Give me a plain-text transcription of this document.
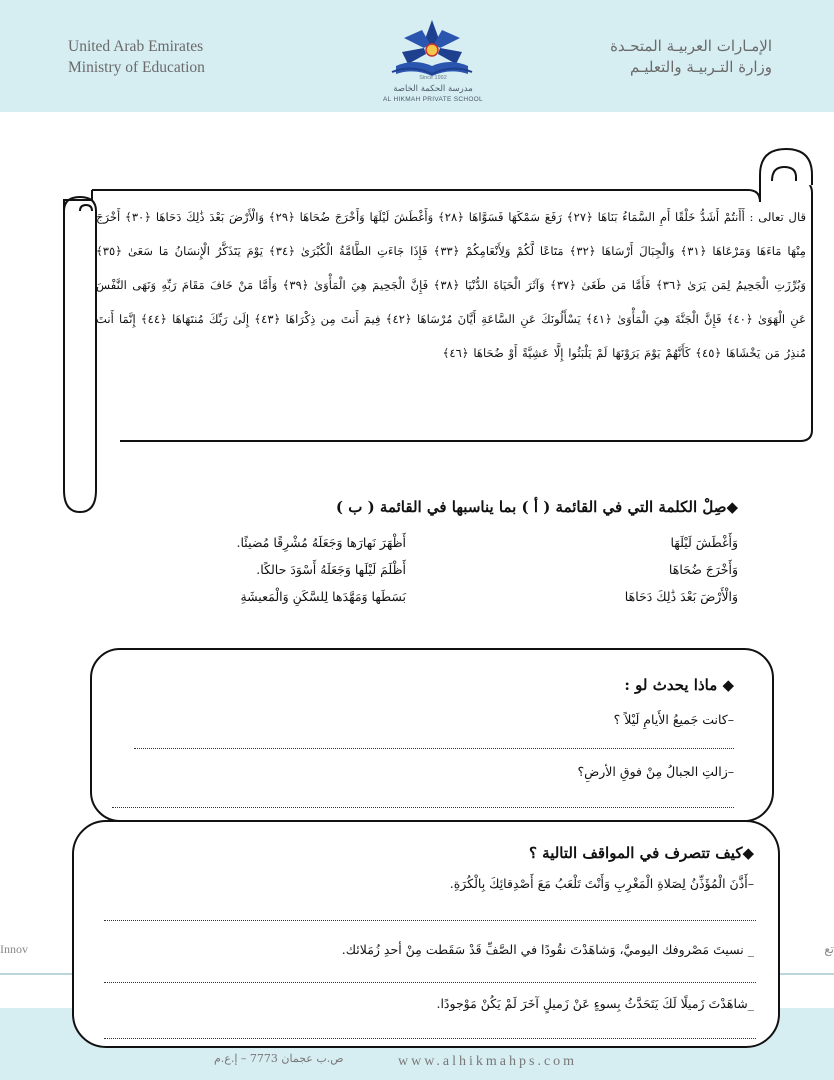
United Arab Emirates
Ministry of Education
الإمـارات العربيـة المتحـدة
وزارة التـربيـة والتعليـم
Since 1992
مدرسة الحكمة الخاصة
AL HIKMAH PRIVATE SCHOOL
قال تعالى : أَأَنتُمْ أَشَدُّ خَلْقًا أَمِ السَّمَاءُ بَنَاهَا ﴿٢٧﴾ رَفَعَ سَمْكَهَا فَسَوَّاهَا ﴿٢٨﴾ وَأَغْطَشَ لَيْلَهَا وَأَخْرَجَ ضُحَاهَا ﴿٢٩﴾ وَالْأَرْضَ بَعْدَ ذَٰلِكَ دَحَاهَا ﴿٣٠﴾ أَخْرَجَ مِنْهَا مَاءَهَا وَمَرْعَاهَا ﴿٣١﴾ وَالْجِبَالَ أَرْسَاهَا ﴿٣٢﴾ مَتَاعًا لَّكُمْ وَلِأَنْعَامِكُمْ ﴿٣٣﴾ فَإِذَا جَاءَتِ الطَّامَّةُ الْكُبْرَىٰ ﴿٣٤﴾ يَوْمَ يَتَذَكَّرُ الْإِنسَانُ مَا سَعَىٰ ﴿٣٥﴾ وَبُرِّزَتِ الْجَحِيمُ لِمَن يَرَىٰ ﴿٣٦﴾ فَأَمَّا مَن طَغَىٰ ﴿٣٧﴾ وَآثَرَ الْحَيَاةَ الدُّنْيَا ﴿٣٨﴾ فَإِنَّ الْجَحِيمَ هِيَ الْمَأْوَىٰ ﴿٣٩﴾ وَأَمَّا مَنْ خَافَ مَقَامَ رَبِّهِ وَنَهَى النَّفْسَ عَنِ الْهَوَىٰ ﴿٤٠﴾ فَإِنَّ الْجَنَّةَ هِيَ الْمَأْوَىٰ ﴿٤١﴾ يَسْأَلُونَكَ عَنِ السَّاعَةِ أَيَّانَ مُرْسَاهَا ﴿٤٢﴾ فِيمَ أَنتَ مِن ذِكْرَاهَا ﴿٤٣﴾ إِلَىٰ رَبِّكَ مُنتَهَاهَا ﴿٤٤﴾ إِنَّمَا أَنتَ مُنذِرُ مَن يَخْشَاهَا ﴿٤٥﴾ كَأَنَّهُمْ يَوْمَ يَرَوْنَهَا لَمْ يَلْبَثُوا إِلَّا عَشِيَّةً أَوْ ضُحَاهَا ﴿٤٦﴾
◆صِلْ الكلمة التي في القائمة ( أ ) بما يناسبها في القائمة ( ب )
وَأَغْطَشَ لَيْلَهَا
وَأَخْرَجَ ضُحَاهَا
وَالْأَرْضَ بَعْدَ ذَٰلِكَ دَحَاهَا
أَظْهَرَ نَهارَها وَجَعَلَهُ مُشْرِقًا مُضيئًا.
أَظْلَمَ لَيْلَها وَجَعَلَهُ أَسْوَدَ حالكًا.
بَسَطَها وَمَهَّدَها لِلسَّكَنِ وَالْمَعيشَةِ
Innov	تع
ص.ب عجمان 7773 – إ.ع.م	www.alhikmahps.com
◆ ماذا يحدث لو :
–كانت جَميعُ الأَيامِ لَيْلاً ؟
–زالتِ الجبالُ مِنْ فوقِ الأرضِ؟
◆كيف تتصرف في المواقف التالية ؟
–أَذَّنَ الْمُؤَذِّنُ لِصَلاةِ الْمَغْرِبِ وَأَنْتَ تَلْعَبُ مَعَ أَصْدِقائِكَ بِالْكُرَةِ.
_ نسيتَ مَصْروفك اليوميَّ، وَشاهَدْتَ نقُودًا في الصَّفِّ قَدْ سَقَطت مِنْ أحدِ زُمَلائك.
_شاهَدْتَ زَميلًا لَكَ يَتَحَدَّثُ بِسوءٍ عَنْ زَميلٍ آخَرَ لَمْ يَكُنْ مَوْجودًا.
